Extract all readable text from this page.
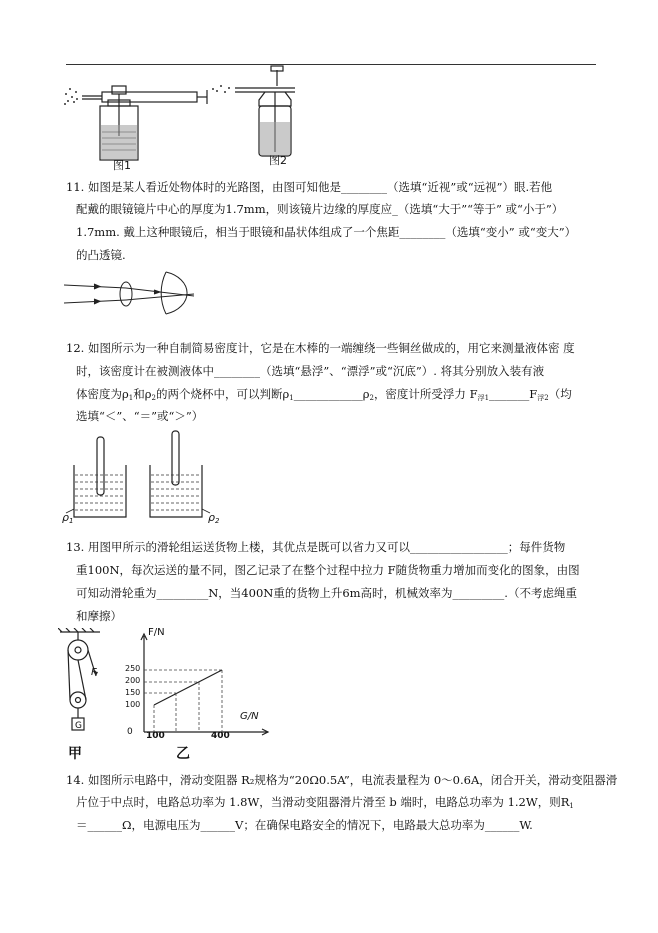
图1	图2
11. 如图是某人看近处物体时的光路图，由图可知他是________（选填“近视”或“远视”）眼.若他
配戴的眼镜镜片中心的厚度为1.7mm，则该镜片边缘的厚度应_（选填“大于”“等于” 或“小于”）
1.7mm. 戴上这种眼镜后，相当于眼镜和晶状体组成了一个焦距________（选填“变小” 或“变大”）
的凸透镜.
12. 如图所示为一种自制简易密度计，它是在木棒的一端缠绕一些铜丝做成的，用它来测量液体密 度
时，该密度计在被测液体中________（选填“悬浮”、“漂浮”或“沉底”）. 将其分别放入装有液
体密度为ρ1和ρ2的两个烧杯中，可以判断ρ1____________ρ2，密度计所受浮力 F浮1_______F浮2（均
选填“＜”、“＝”或“＞”）
ρ1	ρ2
13. 用图甲所示的滑轮组运送货物上楼，其优点是既可以省力又可以_________________；每件货物
重100N，每次运送的量不同，图乙记录了在整个过程中拉力 F随货物重力增加而变化的图象，由图
可知动滑轮重为_________N，当400N重的货物上升6m高时，机械效率为_________.（不考虑绳重
和摩擦）
F
G
甲
F/N
G/N
250
200
150
100
0 100	400
乙
14. 如图所示电路中，滑动变阻器 R₂规格为“20Ω0.5A”，电流表量程为 0～0.6A，闭合开关，滑动变阻器滑
片位于中点时，电路总功率为 1.8W，当滑动变阻器滑片滑至 b 端时，电路总功率为 1.2W，则R1
＝______Ω，电源电压为______V；在确保电路安全的情况下，电路最大总功率为______W.
